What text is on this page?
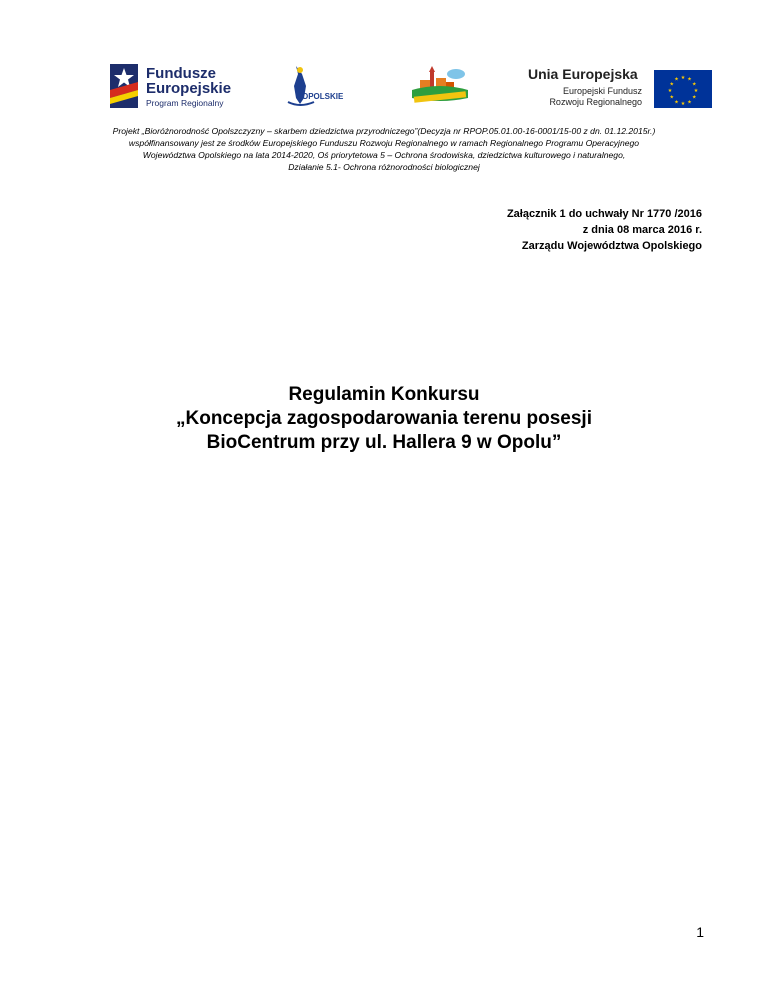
Fundusze
Europejskie
Program Regionalny
OPOLSKIE
Unia Europejska
Europejski Fundusz
Rozwoju Regionalnego
★ ★
★
★
★
★
★
★
★
★
★
★
Projekt „Bioróżnorodność Opolszczyzny – skarbem dziedzictwa przyrodniczego”(Decyzja nr RPOP.05.01.00-16-0001/15-00 z dn. 01.12.2015r.)
współfinansowany jest ze środków Europejskiego Funduszu Rozwoju Regionalnego w ramach Regionalnego Programu Operacyjnego
Województwa Opolskiego na lata 2014-2020, Oś priorytetowa 5 – Ochrona środowiska, dziedzictwa kulturowego i naturalnego,
Działanie 5.1- Ochrona różnorodności biologicznej
Załącznik 1 do uchwały Nr 1770 /2016
z dnia 08 marca 2016 r.
Zarządu Województwa Opolskiego
Regulamin Konkursu
„Koncepcja zagospodarowania terenu posesji
BioCentrum przy ul. Hallera 9 w Opolu”
1
